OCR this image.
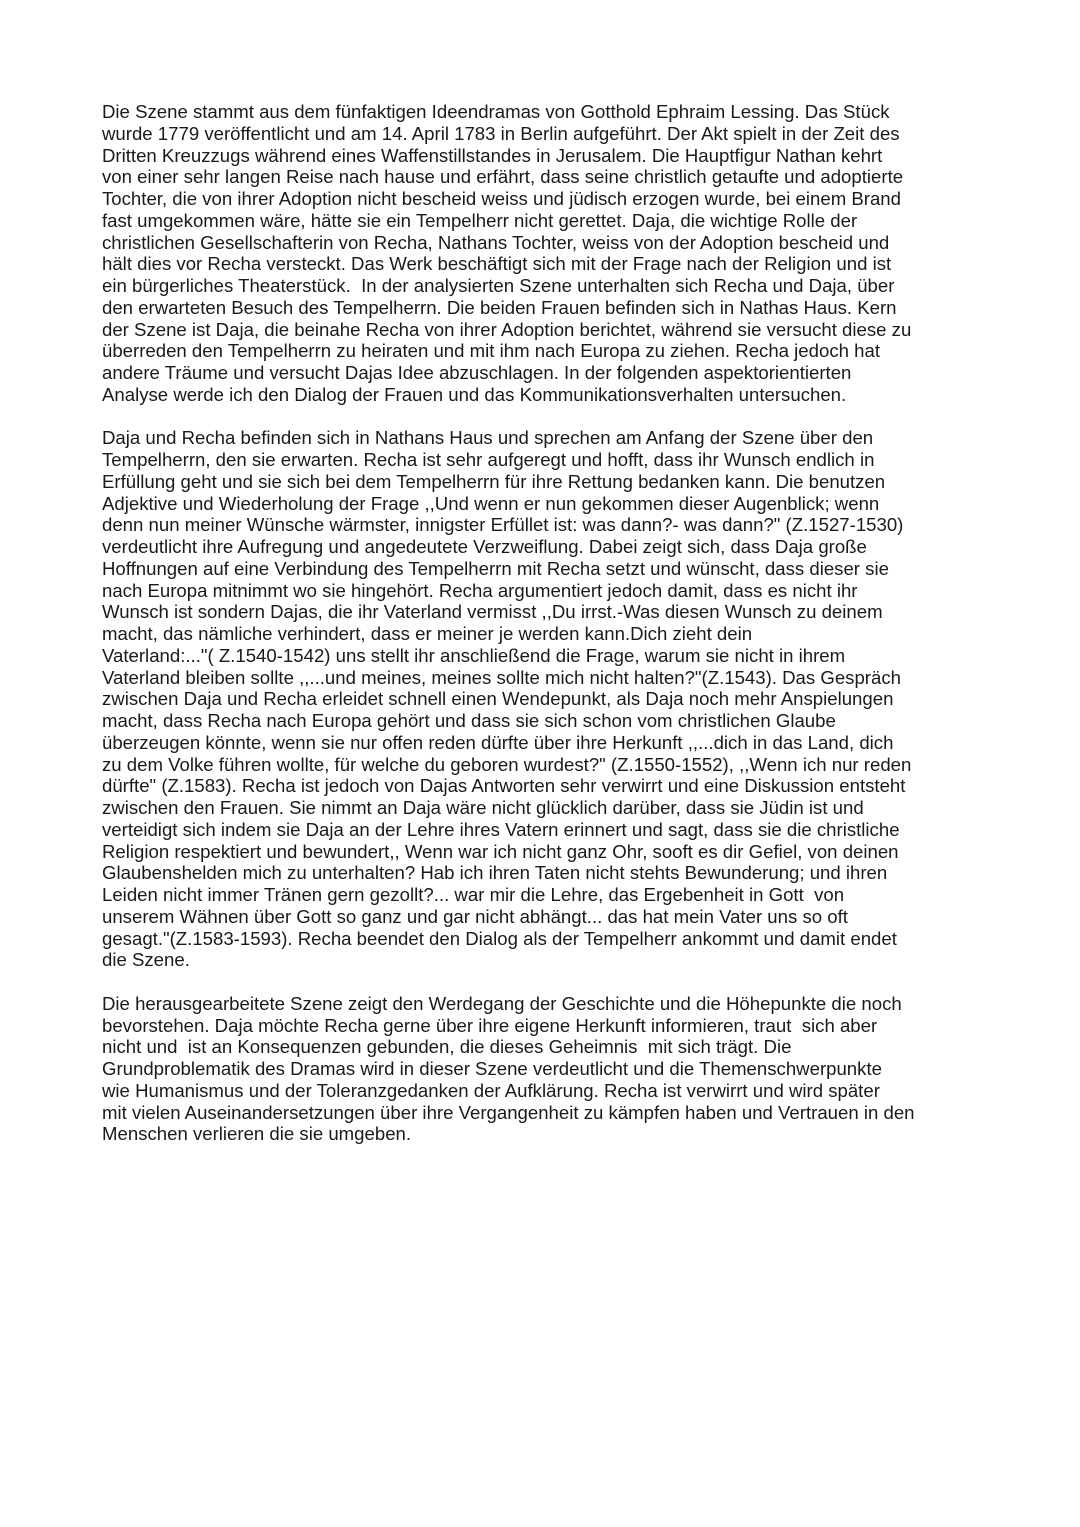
Die Szene stammt aus dem fünfaktigen Ideendramas von Gotthold Ephraim Lessing. Das Stück
wurde 1779 veröffentlicht und am 14. April 1783 in Berlin aufgeführt. Der Akt spielt in der Zeit des
Dritten Kreuzzugs während eines Waffenstillstandes in Jerusalem. Die Hauptfigur Nathan kehrt
von einer sehr langen Reise nach hause und erfährt, dass seine christlich getaufte und adoptierte
Tochter, die von ihrer Adoption nicht bescheid weiss und jüdisch erzogen wurde, bei einem Brand
fast umgekommen wäre, hätte sie ein Tempelherr nicht gerettet. Daja, die wichtige Rolle der
christlichen Gesellschafterin von Recha, Nathans Tochter, weiss von der Adoption bescheid und
hält dies vor Recha versteckt. Das Werk beschäftigt sich mit der Frage nach der Religion und ist
ein bürgerliches Theaterstück.  In der analysierten Szene unterhalten sich Recha und Daja, über
den erwarteten Besuch des Tempelherrn. Die beiden Frauen befinden sich in Nathas Haus. Kern
der Szene ist Daja, die beinahe Recha von ihrer Adoption berichtet, während sie versucht diese zu
überreden den Tempelherrn zu heiraten und mit ihm nach Europa zu ziehen. Recha jedoch hat
andere Träume und versucht Dajas Idee abzuschlagen. In der folgenden aspektorientierten
Analyse werde ich den Dialog der Frauen und das Kommunikationsverhalten untersuchen.
Daja und Recha befinden sich in Nathans Haus und sprechen am Anfang der Szene über den
Tempelherrn, den sie erwarten. Recha ist sehr aufgeregt und hofft, dass ihr Wunsch endlich in
Erfüllung geht und sie sich bei dem Tempelherrn für ihre Rettung bedanken kann. Die benutzen
Adjektive und Wiederholung der Frage ,,Und wenn er nun gekommen dieser Augenblick; wenn
denn nun meiner Wünsche wärmster, innigster Erfüllet ist: was dann?- was dann?" (Z.1527-1530)
verdeutlicht ihre Aufregung und angedeutete Verzweiflung. Dabei zeigt sich, dass Daja große
Hoffnungen auf eine Verbindung des Tempelherrn mit Recha setzt und wünscht, dass dieser sie
nach Europa mitnimmt wo sie hingehört. Recha argumentiert jedoch damit, dass es nicht ihr
Wunsch ist sondern Dajas, die ihr Vaterland vermisst ,,Du irrst.-Was diesen Wunsch zu deinem
macht, das nämliche verhindert, dass er meiner je werden kann.Dich zieht dein
Vaterland:..."( Z.1540-1542) uns stellt ihr anschließend die Frage, warum sie nicht in ihrem
Vaterland bleiben sollte ,,...und meines, meines sollte mich nicht halten?"(Z.1543). Das Gespräch
zwischen Daja und Recha erleidet schnell einen Wendepunkt, als Daja noch mehr Anspielungen
macht, dass Recha nach Europa gehört und dass sie sich schon vom christlichen Glaube
überzeugen könnte, wenn sie nur offen reden dürfte über ihre Herkunft ,,...dich in das Land, dich
zu dem Volke führen wollte, für welche du geboren wurdest?" (Z.1550-1552), ,,Wenn ich nur reden
dürfte" (Z.1583). Recha ist jedoch von Dajas Antworten sehr verwirrt und eine Diskussion entsteht
zwischen den Frauen. Sie nimmt an Daja wäre nicht glücklich darüber, dass sie Jüdin ist und
verteidigt sich indem sie Daja an der Lehre ihres Vatern erinnert und sagt, dass sie die christliche
Religion respektiert und bewundert,, Wenn war ich nicht ganz Ohr, sooft es dir Gefiel, von deinen
Glaubenshelden mich zu unterhalten? Hab ich ihren Taten nicht stehts Bewunderung; und ihren
Leiden nicht immer Tränen gern gezollt?... war mir die Lehre, das Ergebenheit in Gott  von
unserem Wähnen über Gott so ganz und gar nicht abhängt... das hat mein Vater uns so oft
gesagt."(Z.1583-1593). Recha beendet den Dialog als der Tempelherr ankommt und damit endet
die Szene.
Die herausgearbeitete Szene zeigt den Werdegang der Geschichte und die Höhepunkte die noch
bevorstehen. Daja möchte Recha gerne über ihre eigene Herkunft informieren, traut  sich aber
nicht und  ist an Konsequenzen gebunden, die dieses Geheimnis  mit sich trägt. Die
Grundproblematik des Dramas wird in dieser Szene verdeutlicht und die Themenschwerpunkte
wie Humanismus und der Toleranzgedanken der Aufklärung. Recha ist verwirrt und wird später
mit vielen Auseinandersetzungen über ihre Vergangenheit zu kämpfen haben und Vertrauen in den
Menschen verlieren die sie umgeben.
